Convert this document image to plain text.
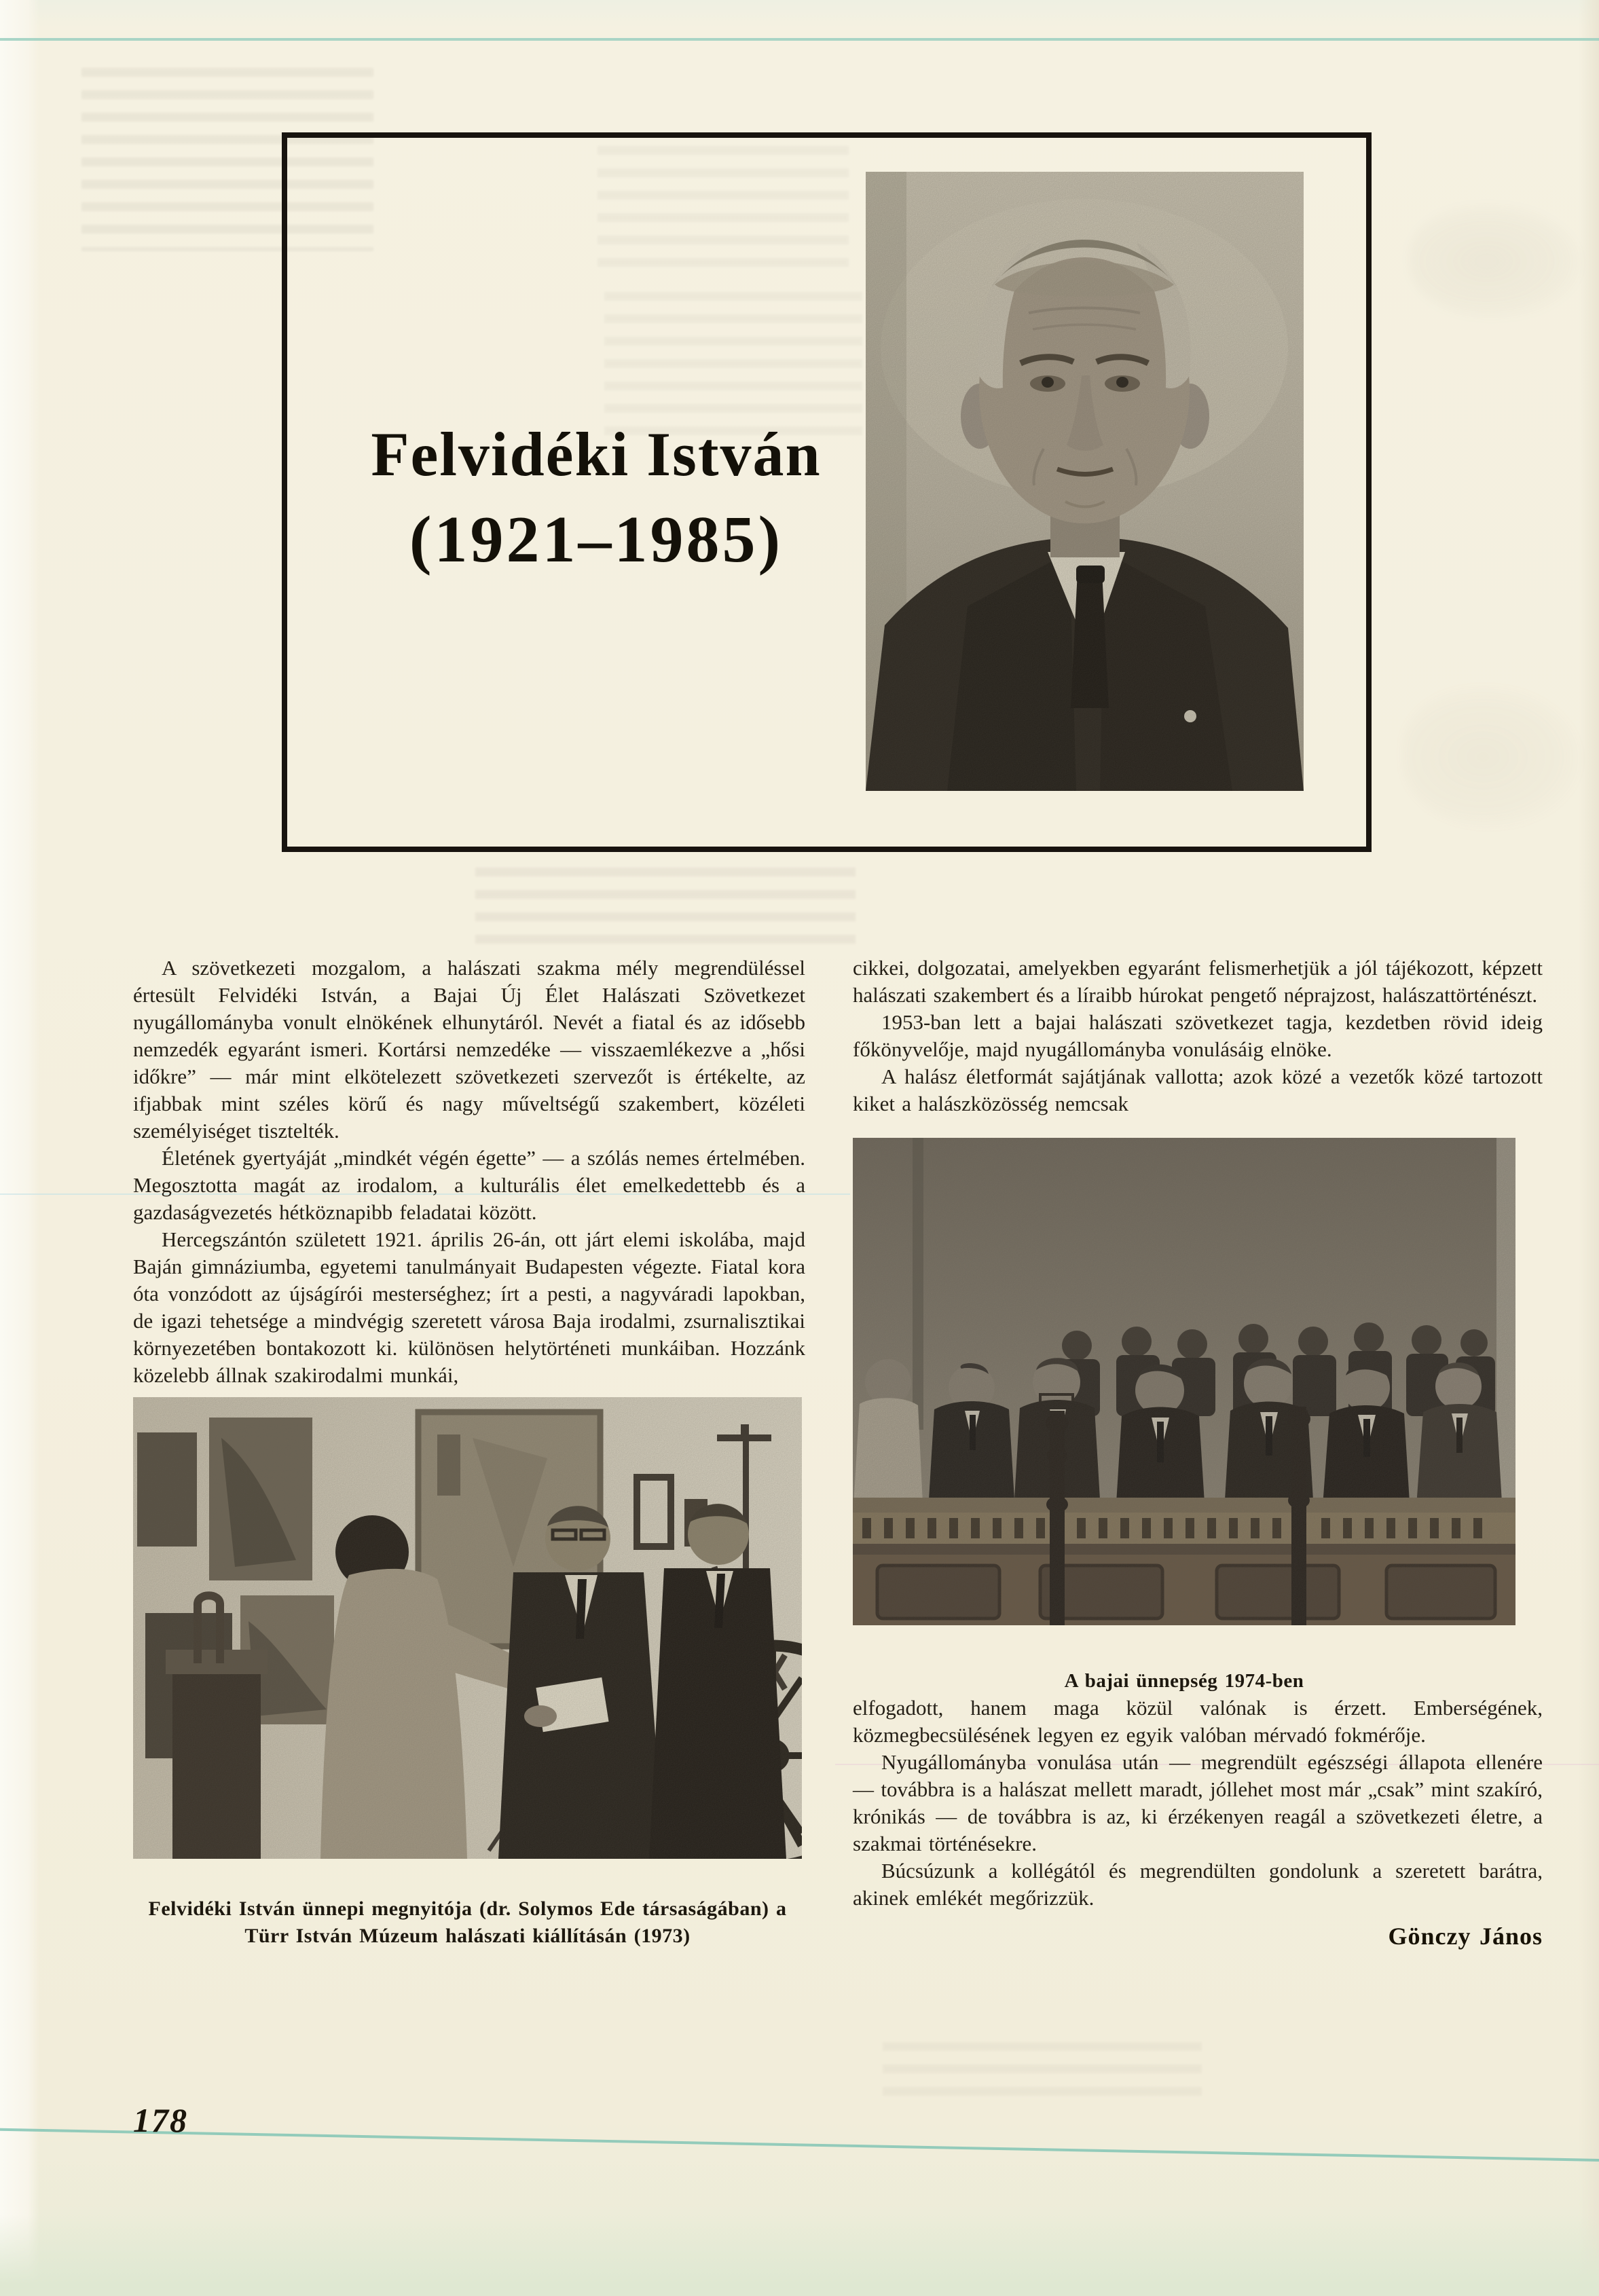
Felvidéki István
(1921–1985)

A szövetkezeti mozgalom, a halászati szakma mély megrendüléssel értesült Felvidéki István, a Bajai Új Élet Halászati Szövetkezet nyugállományba vonult elnökének elhunytáról. Nevét a fiatal és az idősebb nemzedék egyaránt ismeri. Kortársi nemzedéke — visszaemlékezve a „hősi időkre” — már mint elkötelezett szövetkezeti szervezőt is értékelte, az ifjabbak mint széles körű és nagy műveltségű szakembert, közéleti személyiséget tisztelték.

Életének gyertyáját „mindkét végén égette” — a szólás nemes értelmében. Megosztotta magát az irodalom, a kulturális élet emelkedettebb és a gazdaságvezetés hétköznapibb feladatai között.

Hercegszántón született 1921. április 26-án, ott járt elemi iskolába, majd Baján gimnáziumba, egyetemi tanulmányait Budapesten végezte. Fiatal kora óta vonzódott az újságírói mesterséghez; írt a pesti, a nagyváradi lapokban, de igazi tehetsége a mindvégig szeretett városa Baja irodalmi, zsurnalisztikai környezetében bontakozott ki. különösen helytörténeti munkáiban. Hozzánk közelebb állnak szakirodalmi munkái,

Felvidéki István ünnepi megnyitója (dr. Solymos Ede társaságában) a Türr István Múzeum halászati kiállításán (1973)

cikkei, dolgozatai, amelyekben egyaránt felismerhetjük a jól tájékozott, képzett halászati szakembert és a líraibb húrokat pengető néprajzost, halászattörténészt.

1953-ban lett a bajai halászati szövetkezet tagja, kezdetben rövid ideig főkönyvelője, majd nyugállományba vonulásáig elnöke.

A halász életformát sajátjának vallotta; azok közé a vezetők közé tartozott kiket a halászközösség nemcsak

A bajai ünnepség 1974-ben

elfogadott, hanem maga közül valónak is érzett. Emberségének, közmegbecsülésének legyen ez egyik valóban mérvadó fokmérője.

Nyugállományba vonulása után — megrendült egészségi állapota ellenére — továbbra is a halászat mellett maradt, jóllehet most már „csak” mint szakíró, krónikás — de továbbra is az, ki érzékenyen reagál a szövetkezeti életre, a szakmai történésekre.

Búcsúzunk a kollégától és megrendülten gondolunk a szeretett barátra, akinek emlékét megőrizzük.

Gönczy János
178
